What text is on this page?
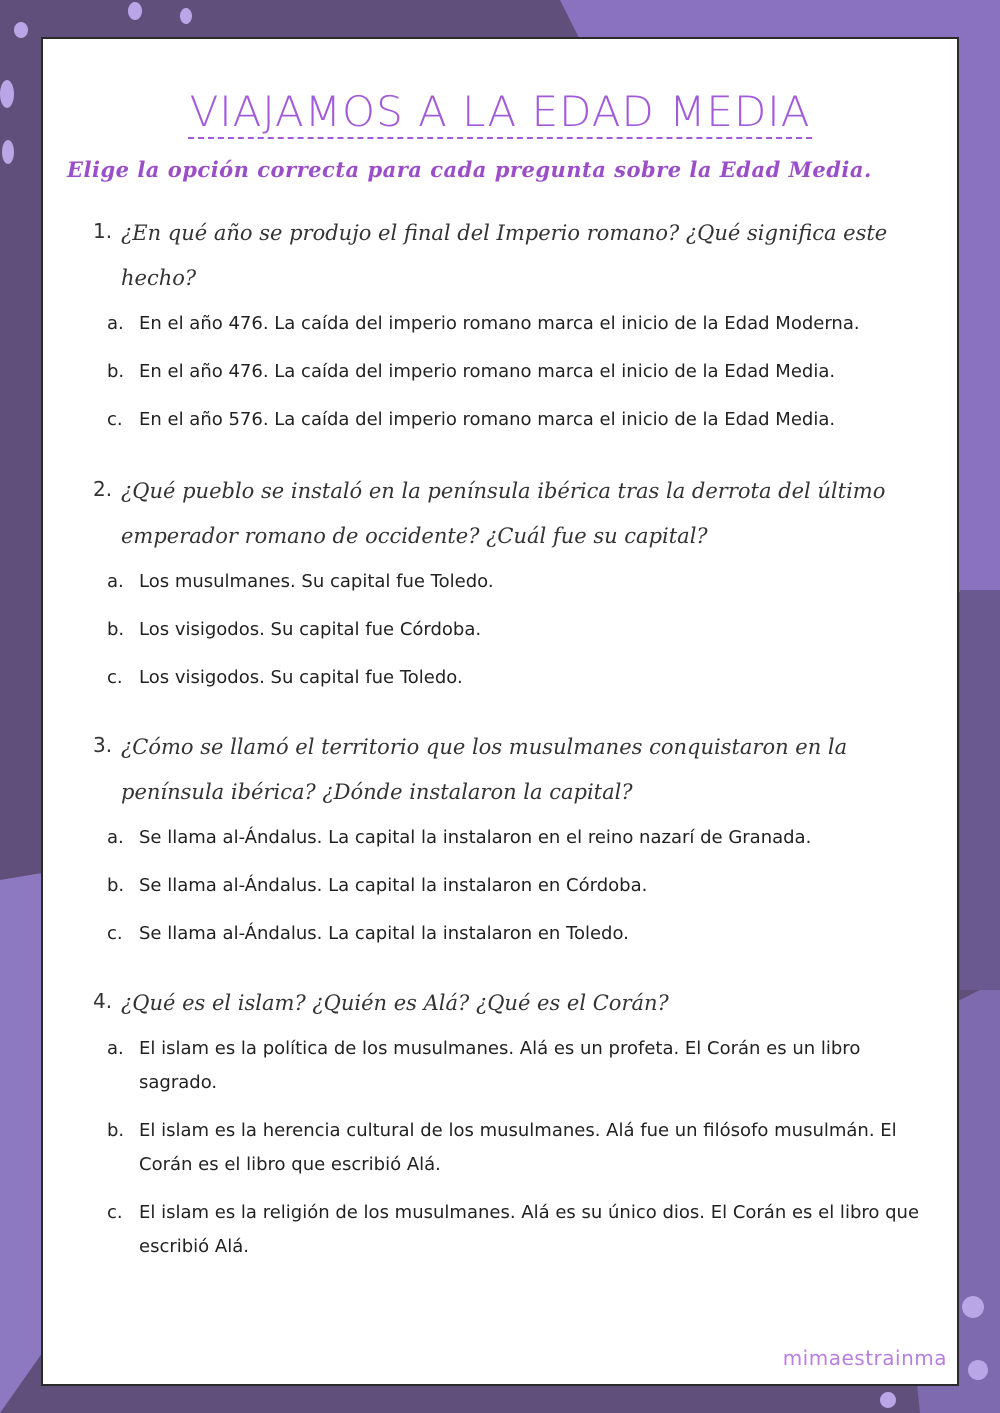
VIAJAMOS A LA EDAD MEDIA
Elige la opción correcta para cada pregunta sobre la Edad Media.
1. ¿En qué año se produjo el final del Imperio romano? ¿Qué significa este hecho?
a. En el año 476. La caída del imperio romano marca el inicio de la Edad Moderna.
b. En el año 476. La caída del imperio romano marca el inicio de la Edad Media.
c. En el año 576. La caída del imperio romano marca el inicio de la Edad Media.
2. ¿Qué pueblo se instaló en la península ibérica tras la derrota del último emperador romano de occidente? ¿Cuál fue su capital?
a. Los musulmanes. Su capital fue Toledo.
b. Los visigodos. Su capital fue Córdoba.
c. Los visigodos. Su capital fue Toledo.
3. ¿Cómo se llamó el territorio que los musulmanes conquistaron en la península ibérica? ¿Dónde instalaron la capital?
a. Se llama al-Ándalus. La capital la instalaron en el reino nazarí de Granada.
b. Se llama al-Ándalus. La capital la instalaron en Córdoba.
c. Se llama al-Ándalus. La capital la instalaron en Toledo.
4. ¿Qué es el islam? ¿Quién es Alá? ¿Qué es el Corán?
a. El islam es la política de los musulmanes. Alá es un profeta. El Corán es un libro sagrado.
b. El islam es la herencia cultural de los musulmanes. Alá fue un filósofo musulmán. El Corán es el libro que escribió Alá.
c. El islam es la religión de los musulmanes. Alá es su único dios. El Corán es el libro que escribió Alá.
mimaestrainma
